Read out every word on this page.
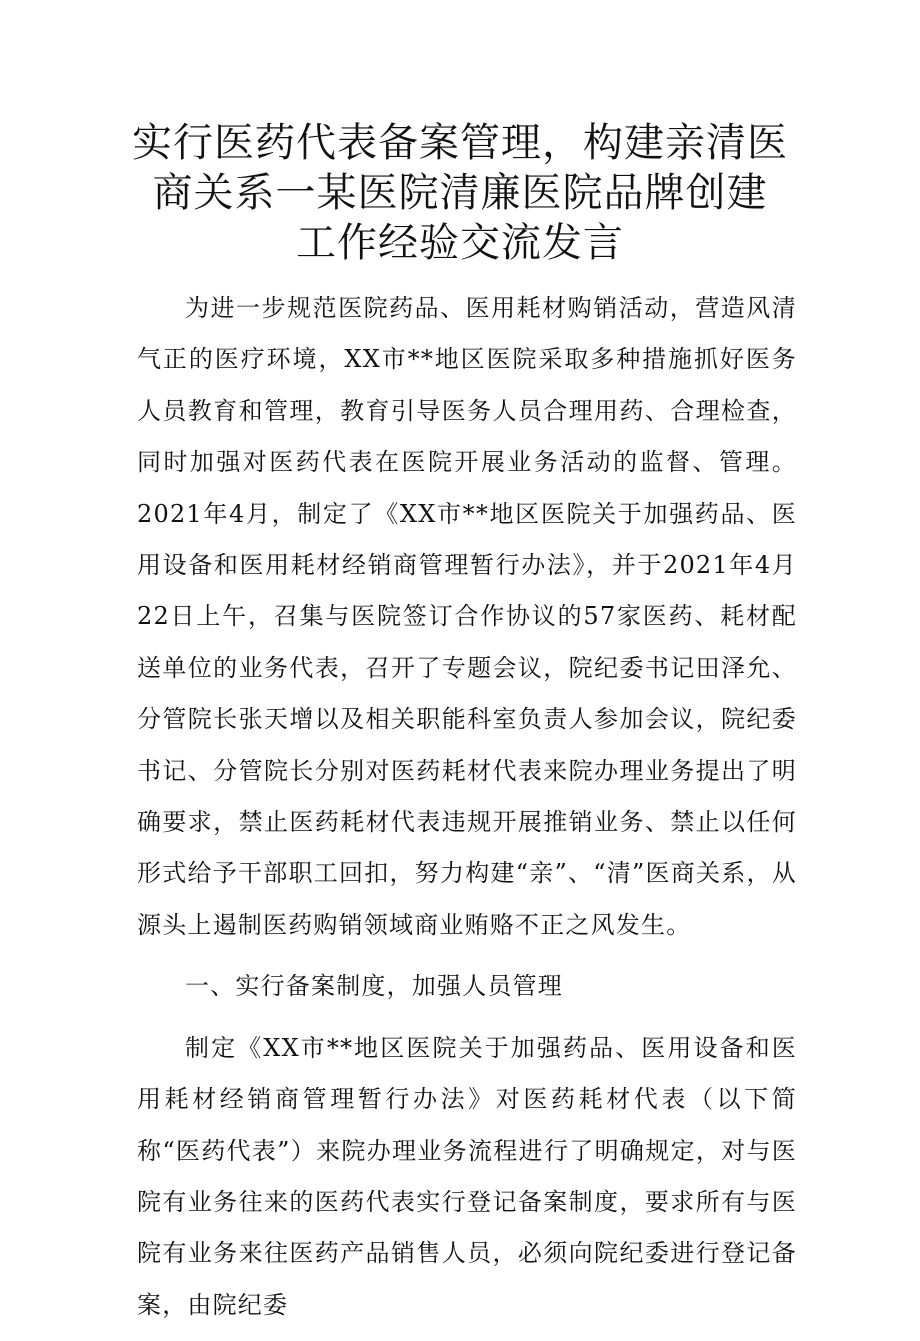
实行医药代表备案管理，构建亲清医
商关系一某医院清廉医院品牌创建
工作经验交流发言

为进一步规范医院药品、医用耗材购销活动，营造风清气正的医疗环境，XX市**地区医院采取多种措施抓好医务人员教育和管理，教育引导医务人员合理用药、合理检查，同时加强对医药代表在医院开展业务活动的监督、管理。2021年4月，制定了《XX市**地区医院关于加强药品、医用设备和医用耗材经销商管理暂行办法》，并于2021年4月22日上午，召集与医院签订合作协议的57家医药、耗材配送单位的业务代表，召开了专题会议，院纪委书记田泽允、分管院长张天增以及相关职能科室负责人参加会议，院纪委书记、分管院长分别对医药耗材代表来院办理业务提出了明确要求，禁止医药耗材代表违规开展推销业务、禁止以任何形式给予干部职工回扣，努力构建“亲”、“清”医商关系，从源头上遏制医药购销领域商业贿赂不正之风发生。

一、实行备案制度，加强人员管理

制定《XX市**地区医院关于加强药品、医用设备和医用耗材经销商管理暂行办法》对医药耗材代表（以下简称“医药代表”）来院办理业务流程进行了明确规定，对与医院有业务往来的医药代表实行登记备案制度，要求所有与医院有业务来往医药产品销售人员，必须向院纪委进行登记备案，由院纪委
